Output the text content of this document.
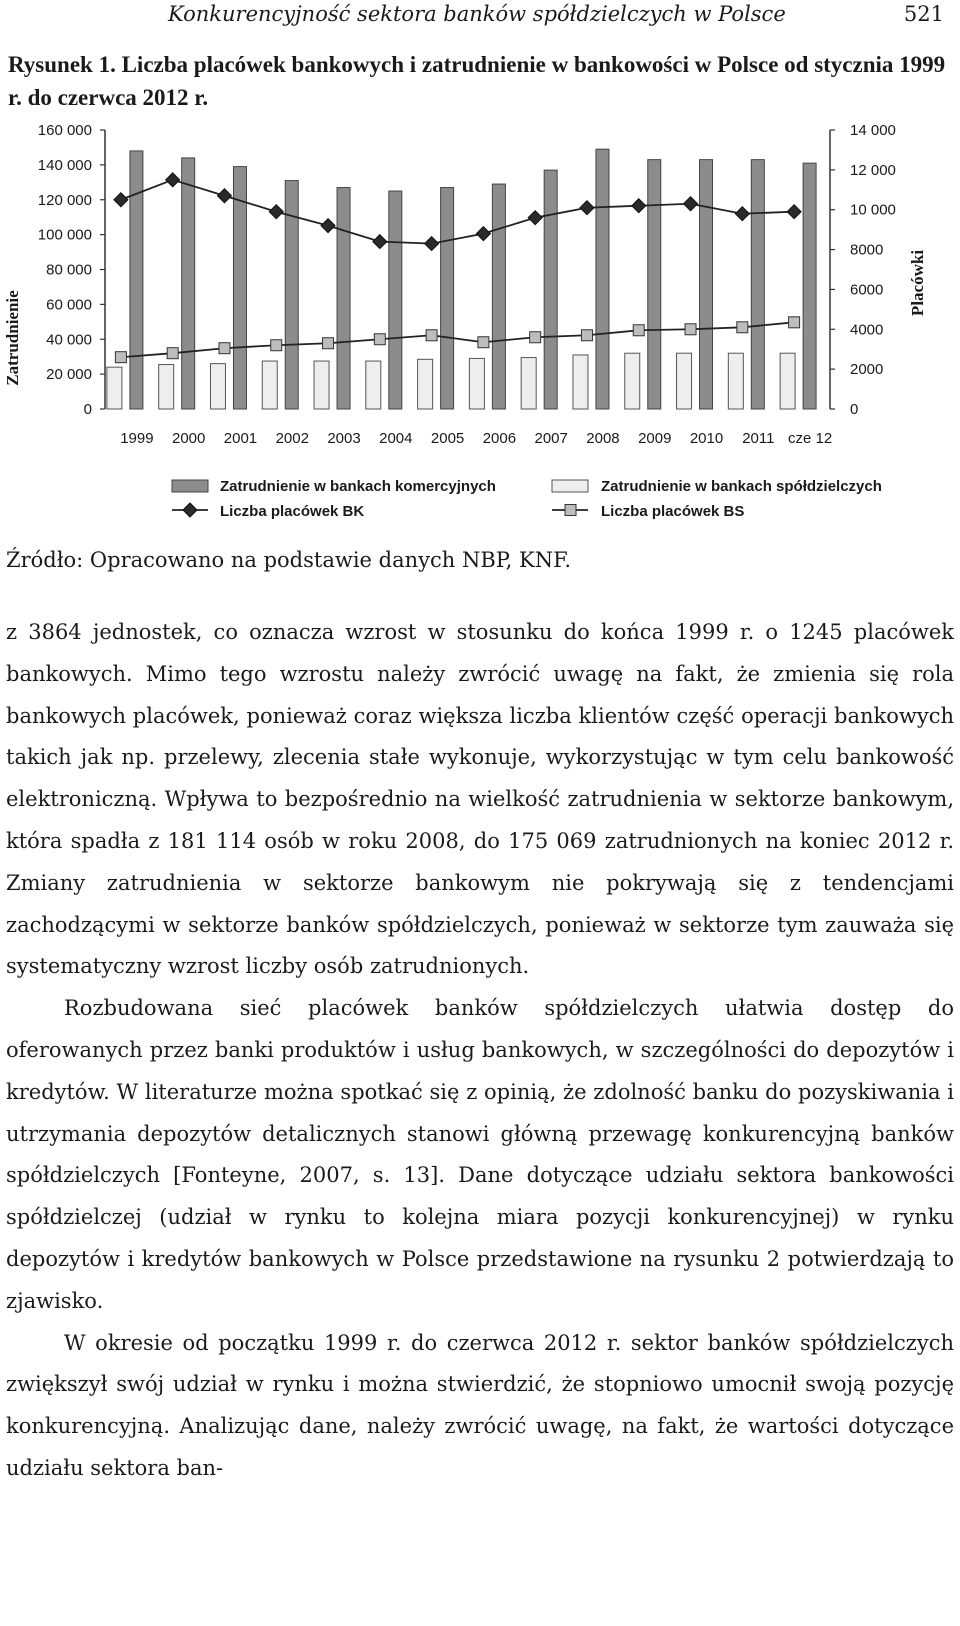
Konkurencyjność sektora banków spółdzielczych w Polsce	521
Rysunek 1. Liczba placówek bankowych i zatrudnienie w bankowości w Polsce od stycznia 1999 r. do czerwca 2012 r.
0
20 000
40 000
60 000
80 000
100 000
120 000
140 000
160 000
0
2000
4000
6000
8000
10 000
12 000
14 000
Zatrudnienie
Placówki
1999 2000 2001 2002 2003 2004 2005 2006 2007 2008 2009 2010 2011 cze 12
Zatrudnienie w bankach komercyjnych	Zatrudnienie w bankach spółdzielczych
Liczba placówek BK	Liczba placówek BS
Źródło: Opracowano na podstawie danych NBP, KNF.

z 3864 jednostek, co oznacza wzrost w stosunku do końca 1999 r. o 1245 placówek bankowych. Mimo tego wzrostu należy zwrócić uwagę na fakt, że zmienia się rola bankowych placówek, ponieważ coraz większa liczba klientów część operacji bankowych takich jak np. przelewy, zlecenia stałe wykonuje, wykorzystując w tym celu bankowość elektroniczną. Wpływa to bezpośrednio na wielkość zatrudnienia w sektorze bankowym, która spadła z 181 114 osób w roku 2008, do 175 069 zatrudnionych na koniec 2012 r. Zmiany zatrudnienia w sektorze bankowym nie pokrywają się z tendencjami zachodzącymi w sektorze banków spółdzielczych, ponieważ w sektorze tym zauważa się systematyczny wzrost liczby osób zatrudnionych.

Rozbudowana sieć placówek banków spółdzielczych ułatwia dostęp do oferowanych przez banki produktów i usług bankowych, w szczególności do depozytów i kredytów. W literaturze można spotkać się z opinią, że zdolność banku do pozyskiwania i utrzymania depozytów detalicznych stanowi główną przewagę konkurencyjną banków spółdzielczych [Fonteyne, 2007, s. 13]. Dane dotyczące udziału sektora bankowości spółdzielczej (udział w rynku to kolejna miara pozycji konkurencyjnej) w rynku depozytów i kredytów bankowych w Polsce przedstawione na rysunku 2 potwierdzają to zjawisko.

W okresie od początku 1999 r. do czerwca 2012 r. sektor banków spółdzielczych zwiększył swój udział w rynku i można stwierdzić, że stopniowo umocnił swoją pozycję konkurencyjną. Analizując dane, należy zwrócić uwagę, na fakt, że wartości dotyczące udziału sektora ban-
